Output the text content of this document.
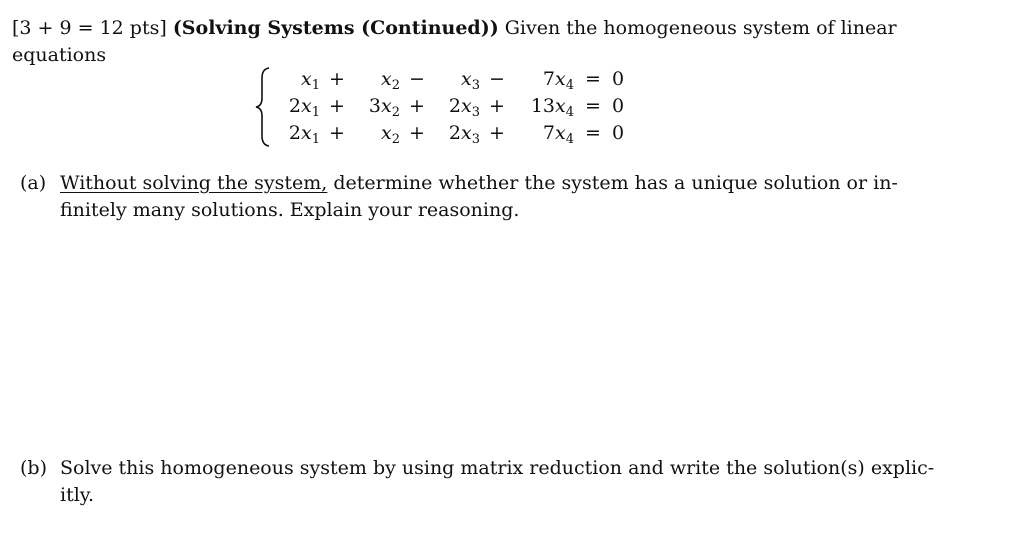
[3 + 9 = 12 pts] (Solving Systems (Continued)) Given the homogeneous system of linear
equations
$x_1$ +	$x_2$ −	$x_3$ −	$7x_4 = 0$
$2x_1$ +	$3x_2$ +	$2x_3$ +	$13x_4 = 0$
$2x_1$ +	$x_2$ +	$2x_3$ +	$7x_4 = 0$
(a) Without solving the system, determine whether the system has a unique solution or in-
finitely many solutions. Explain your reasoning.
(b) Solve this homogeneous system by using matrix reduction and write the solution(s) explic-
itly.
